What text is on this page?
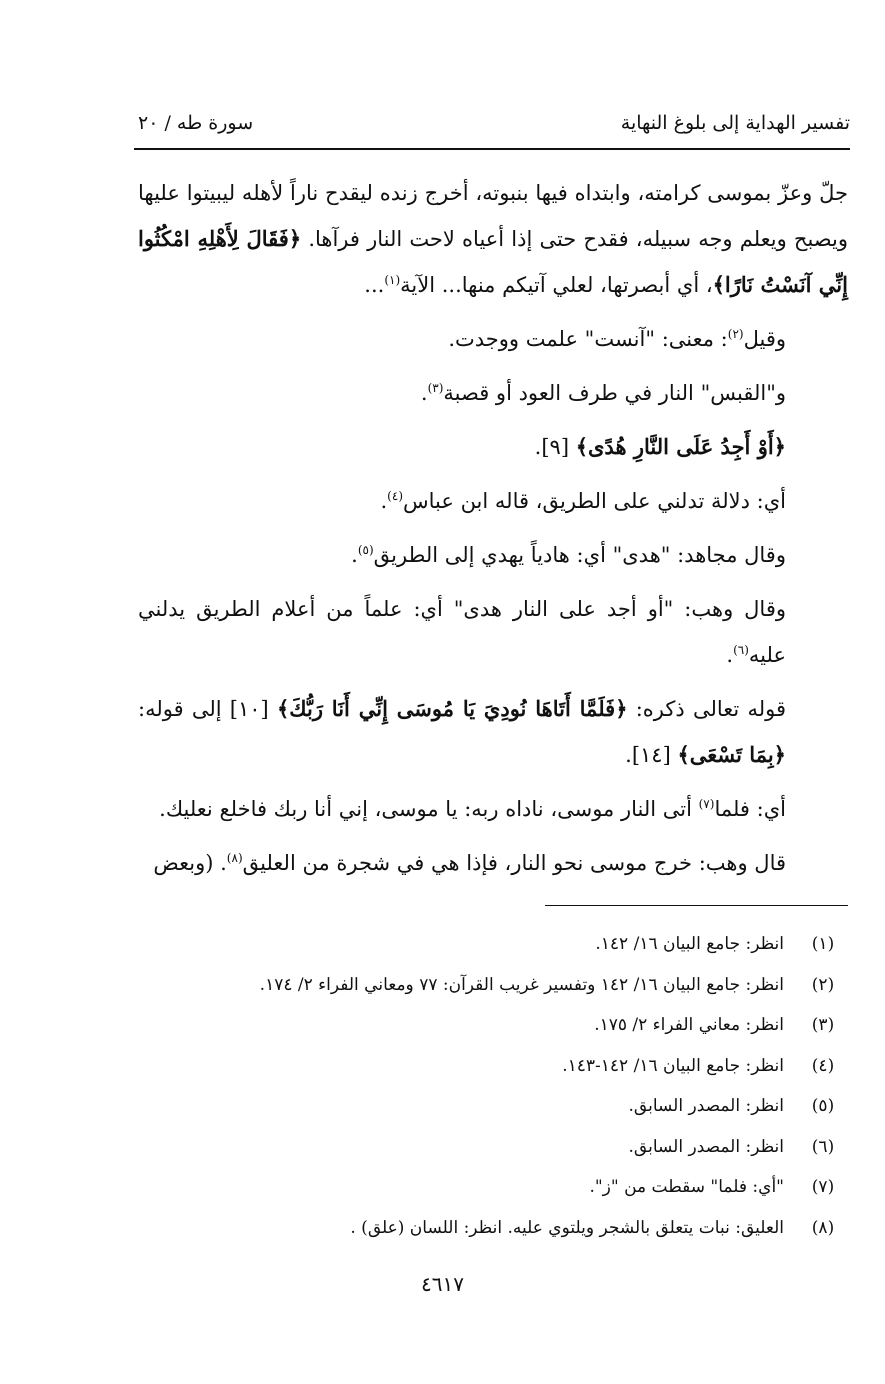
تفسير الهداية إلى بلوغ النهاية
سورة طه / ٢٠

جلّ وعزّ بموسى كرامته، وابتداه فيها بنبوته، أخرج زنده ليقدح ناراً لأهله ليبيتوا عليها ويصبح ويعلم وجه سبيله، فقدح حتى إذا أعياه لاحت النار فرآها. ﴿فَقَالَ لِأَهْلِهِ امْكُثُوا إِنِّي آنَسْتُ نَارًا﴾، أي أبصرتها، لعلي آتيكم منها... الآية$^{(١)}$...

وقيل$^{(٢)}$: معنى: "آنست" علمت ووجدت.

و"القبس" النار في طرف العود أو قصبة$^{(٣)}$.

﴿أَوْ أَجِدُ عَلَى النَّارِ هُدًى﴾ [٩].

أي: دلالة تدلني على الطريق، قاله ابن عباس$^{(٤)}$.

وقال مجاهد: "هدى" أي: هادياً يهدي إلى الطريق$^{(٥)}$.

وقال وهب: "أو أجد على النار هدى" أي: علماً من أعلام الطريق يدلني عليه$^{(٦)}$.

قوله تعالى ذكره: ﴿فَلَمَّا أَتَاهَا نُودِيَ يَا مُوسَى إِنِّي أَنَا رَبُّكَ﴾ [١٠] إلى قوله: ﴿بِمَا تَسْعَى﴾ [١٤].

أي: فلما$^{(٧)}$ أتى النار موسى، ناداه ربه: يا موسى، إني أنا ربك فاخلع نعليك.

قال وهب: خرج موسى نحو النار، فإذا هي في شجرة من العليق$^{(٨)}$. (وبعض

(١)
انظر: جامع البيان ١٦/ ١٤٢.
(٢)
انظر: جامع البيان ١٦/ ١٤٢ وتفسير غريب القرآن: ٧٧ ومعاني الفراء ٢/ ١٧٤.
(٣)
انظر: معاني الفراء ٢/ ١٧٥.
(٤)
انظر: جامع البيان ١٦/ ١٤٢-١٤٣.
(٥)
انظر: المصدر السابق.
(٦)
انظر: المصدر السابق.
(٧)
"أي: فلما" سقطت من "ز".
(٨)
العليق: نبات يتعلق بالشجر ويلتوي عليه. انظر: اللسان (علق) .
٤٦١٧
